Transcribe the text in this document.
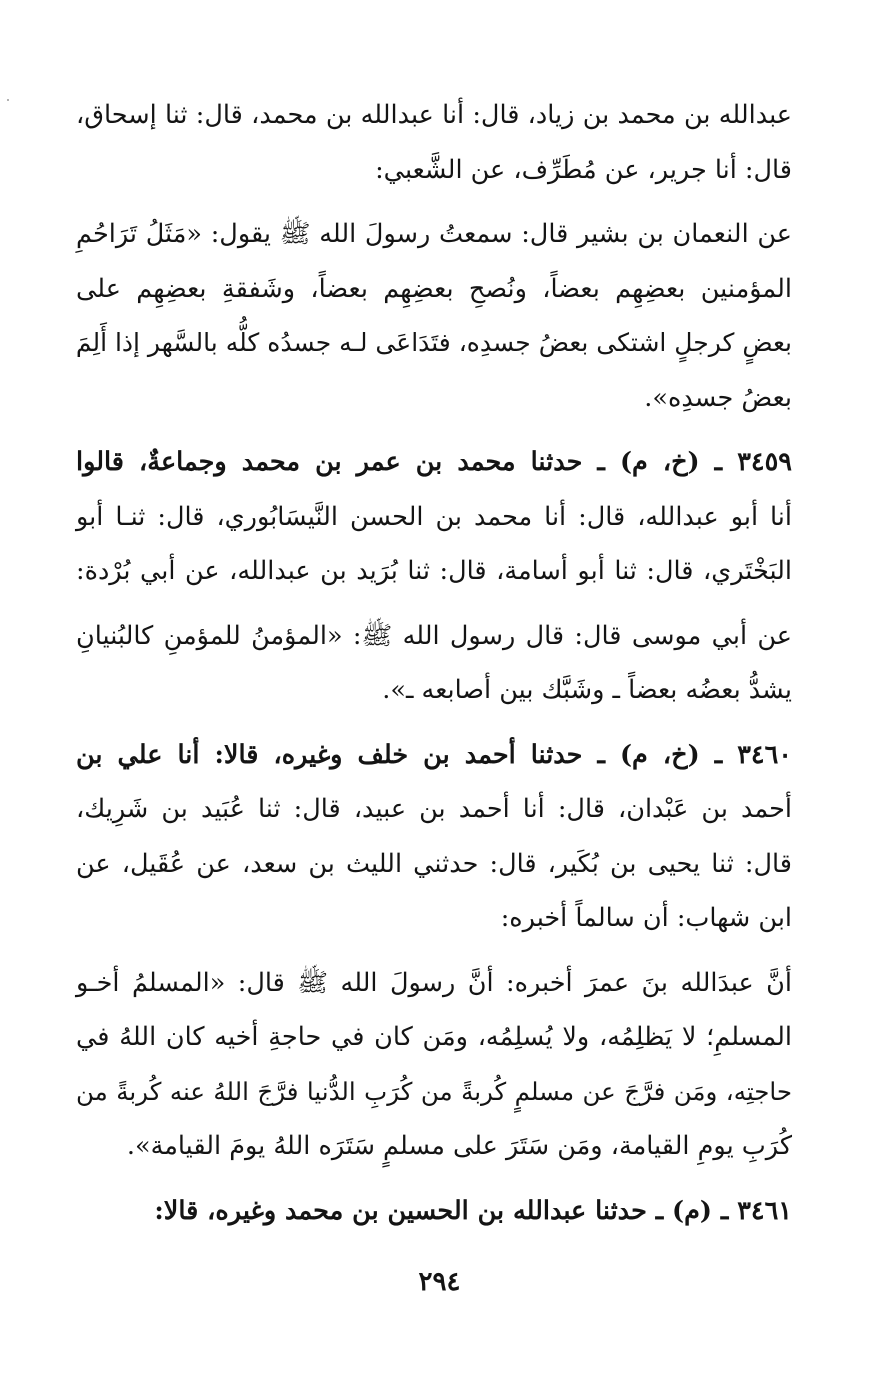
عبدالله بن محمد بن زياد، قال: أنا عبدالله بن محمد، قال: ثنا إسحاق،
قال: أنا جرير، عن مُطَرِّف، عن الشَّعبي:
عن النعمان بن بشير قال: سمعتُ رسولَ الله ﷺ يقول: «مَثَلُ تَرَاحُمِ
المؤمنين بعضِهِم بعضاً، ونُصحِ بعضِهِم بعضاً، وشَفقةِ بعضِهِم على
بعضٍ كرجلٍ اشتكى بعضُ جسدِه، فتَدَاعَى لـه جسدُه كلُّه بالسَّهر إذا أَلِمَ
بعضُ جسدِه».
٣٤٥٩ ـ (خ، م) ـ حدثنا محمد بن عمر بن محمد وجماعةٌ، قالوا
أنا أبو عبدالله، قال: أنا محمد بن الحسن النَّيسَابُوري، قال: ثنـا أبو
البَخْتَري، قال: ثنا أبو أسامة، قال: ثنا بُرَيد بن عبدالله، عن أبي بُرْدة:
عن أبي موسى قال: قال رسول الله ﷺ: «المؤمنُ للمؤمنِ كالبُنيانِ
يشدُّ بعضُه بعضاً ـ وشَبَّك بين أصابعه ـ».
٣٤٦٠ ـ (خ، م) ـ حدثنا أحمد بن خلف وغيره، قالا: أنا علي بن
أحمد بن عَبْدان، قال: أنا أحمد بن عبيد، قال: ثنا عُبَيد بن شَرِيك،
قال: ثنا يحيى بن بُكَير، قال: حدثني الليث بن سعد، عن عُقَيل، عن
ابن شهاب: أن سالماً أخبره:
أنَّ عبدَالله بنَ عمرَ أخبره: أنَّ رسولَ الله ﷺ قال: «المسلمُ أخـو
المسلمِ؛ لا يَظلِمُه، ولا يُسلِمُه، ومَن كان في حاجةِ أخيه كان اللهُ في
حاجتِه، ومَن فرَّجَ عن مسلمٍ كُربةً من كُرَبِ الدُّنيا فرَّجَ اللهُ عنه كُربةً من
كُرَبِ يومِ القيامة، ومَن سَتَرَ على مسلمٍ سَتَرَه اللهُ يومَ القيامة».
٣٤٦١ ـ (م) ـ حدثنا عبدالله بن الحسين بن محمد وغيره، قالا:
٢٩٤
